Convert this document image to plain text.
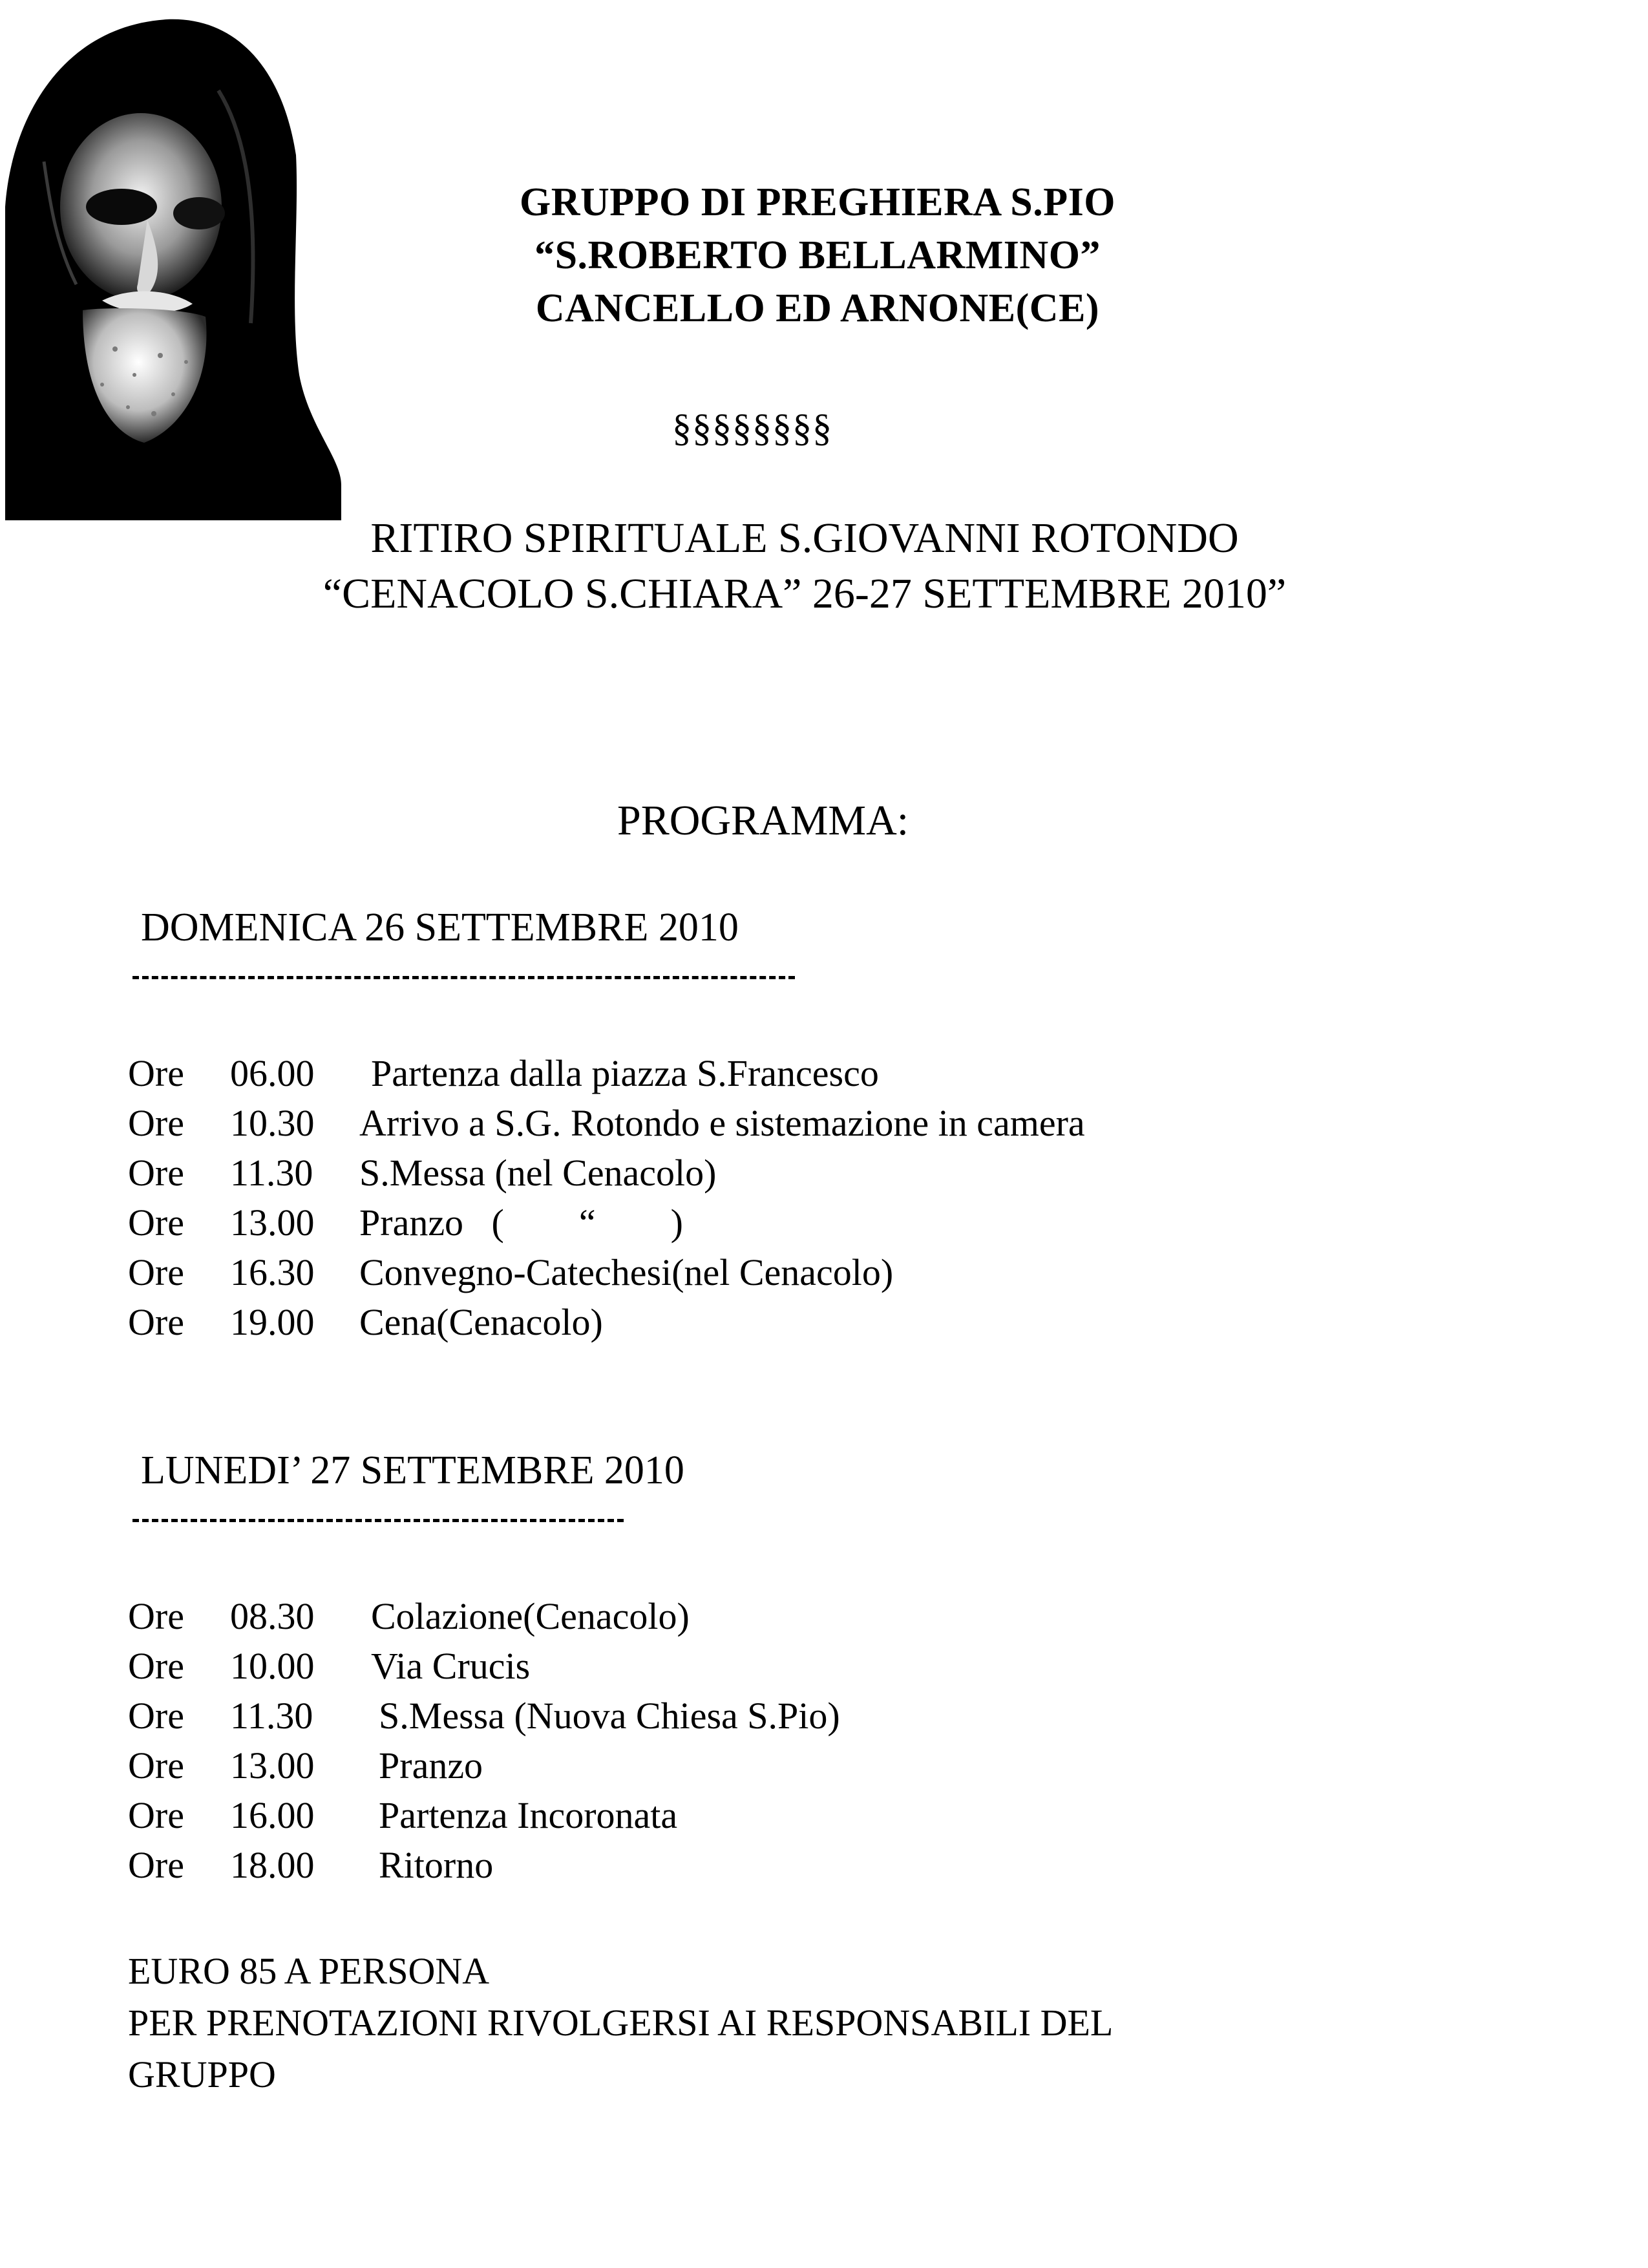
GRUPPO DI PREGHIERA S.PIO
“S.ROBERTO BELLARMINO”
CANCELLO ED ARNONE(CE)
§§§§§§§§
RITIRO SPIRITUALE S.GIOVANNI ROTONDO
“CENACOLO S.CHIARA” 26-27 SETTEMBRE 2010”
PROGRAMMA:
DOMENICA 26 SETTEMBRE 2010
Ore	06.00	Partenza dalla piazza S.Francesco
Ore	10.30	Arrivo a S.G. Rotondo e sistemazione in camera
Ore	11.30	S.Messa (nel Cenacolo)
Ore	13.00	Pranzo   (        “        )
Ore	16.30	Convegno-Catechesi(nel Cenacolo)
Ore	19.00	Cena(Cenacolo)
LUNEDI’ 27 SETTEMBRE 2010
Ore	08.30	Colazione(Cenacolo)
Ore	10.00	Via Crucis
Ore	11.30	S.Messa (Nuova Chiesa S.Pio)
Ore	13.00	Pranzo
Ore	16.00	Partenza Incoronata
Ore	18.00	Ritorno
EURO 85 A PERSONA
PER PRENOTAZIONI RIVOLGERSI AI RESPONSABILI DEL
GRUPPO
